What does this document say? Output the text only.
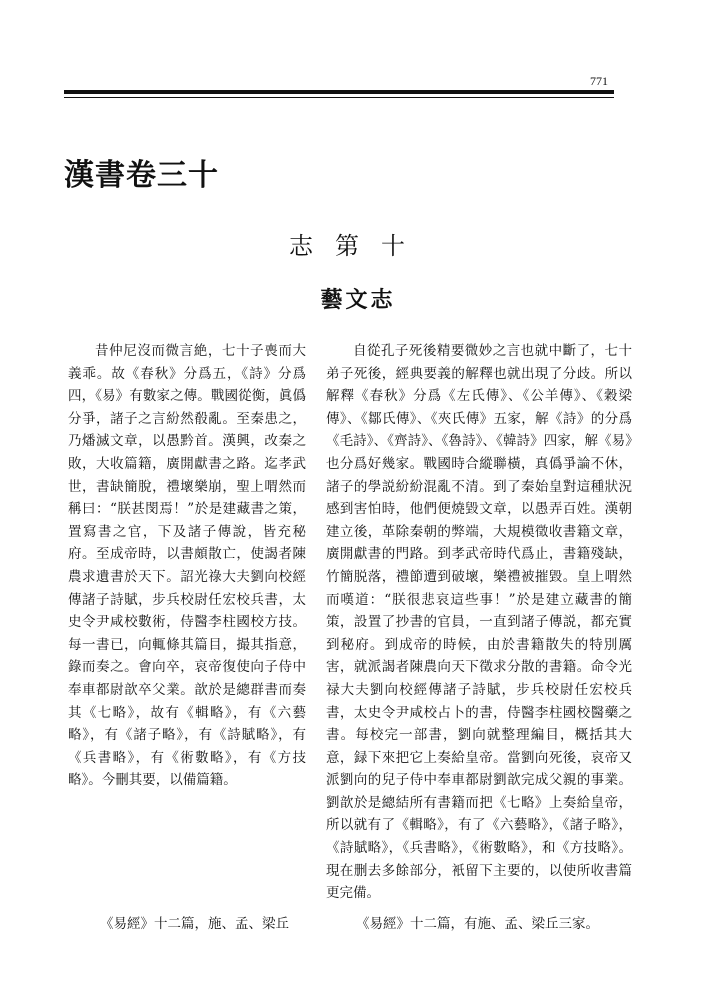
771
漢書卷三十
志第十
藝文志

昔仲尼沒而微言絶，七十子喪而大義乖。故《春秋》分爲五，《詩》分爲四，《易》有數家之傳。戰國從衡，眞僞分爭，諸子之言紛然殽亂。至秦患之，乃燔滅文章，以愚黔首。漢興，改秦之敗，大收篇籍，廣開獻書之路。迄孝武世，書缺簡脫，禮壞樂崩，聖上喟然而稱曰：“朕甚閔焉！”於是建藏書之策，置寫書之官，下及諸子傳說，皆充秘府。至成帝時，以書頗散亡，使謁者陳農求遺書於天下。詔光祿大夫劉向校經傳諸子詩賦，步兵校尉任宏校兵書，太史令尹咸校數術，侍醫李柱國校方技。每一書已，向輒條其篇目，撮其指意，錄而奏之。會向卒，哀帝復使向子侍中奉車都尉歆卒父業。歆於是總群書而奏其《七略》，故有《輯略》，有《六藝略》，有《諸子略》，有《詩賦略》，有《兵書略》，有《術數略》，有《方技略》。今刪其要，以備篇籍。

自從孔子死後精要微妙之言也就中斷了，七十弟子死後，經典要義的解釋也就出現了分歧。所以解釋《春秋》分爲《左氏傳》、《公羊傳》、《穀梁傳》、《鄒氏傳》、《夾氏傳》五家，解《詩》的分爲《毛詩》、《齊詩》、《魯詩》、《韓詩》四家，解《易》也分爲好幾家。戰國時合縱聯橫，真僞爭論不休，諸子的學説紛紛混亂不清。到了秦始皇對這種狀況感到害怕時，他們便燒毀文章，以愚弄百姓。漢朝建立後，革除秦朝的弊端，大規模徵收書籍文章，廣開獻書的門路。到孝武帝時代爲止，書籍殘缺，竹簡脱落，禮節遭到破壞，樂禮被摧毀。皇上喟然而嘆道：“朕很悲哀這些事！”於是建立藏書的簡策，設置了抄書的官員，一直到諸子傳説，都充實到秘府。到成帝的時候，由於書籍散失的特別厲害，就派謁者陳農向天下徵求分散的書籍。命令光禄大夫劉向校經傳諸子詩賦，步兵校尉任宏校兵書，太史令尹咸校占卜的書，侍醫李柱國校醫藥之書。每校完一部書，劉向就整理編目，概括其大意，録下來把它上奏給皇帝。當劉向死後，哀帝又派劉向的兒子侍中奉車都尉劉歆完成父親的事業。劉歆於是總結所有書籍而把《七略》上奏給皇帝，所以就有了《輯略》，有了《六藝略》，《諸子略》，《詩賦略》，《兵書略》，《術數略》，和《方技略》。現在删去多餘部分，衹留下主要的，以使所收書篇更完備。

《易經》十二篇，施、孟、梁丘	《易經》十二篇，有施、孟、梁丘三家。
